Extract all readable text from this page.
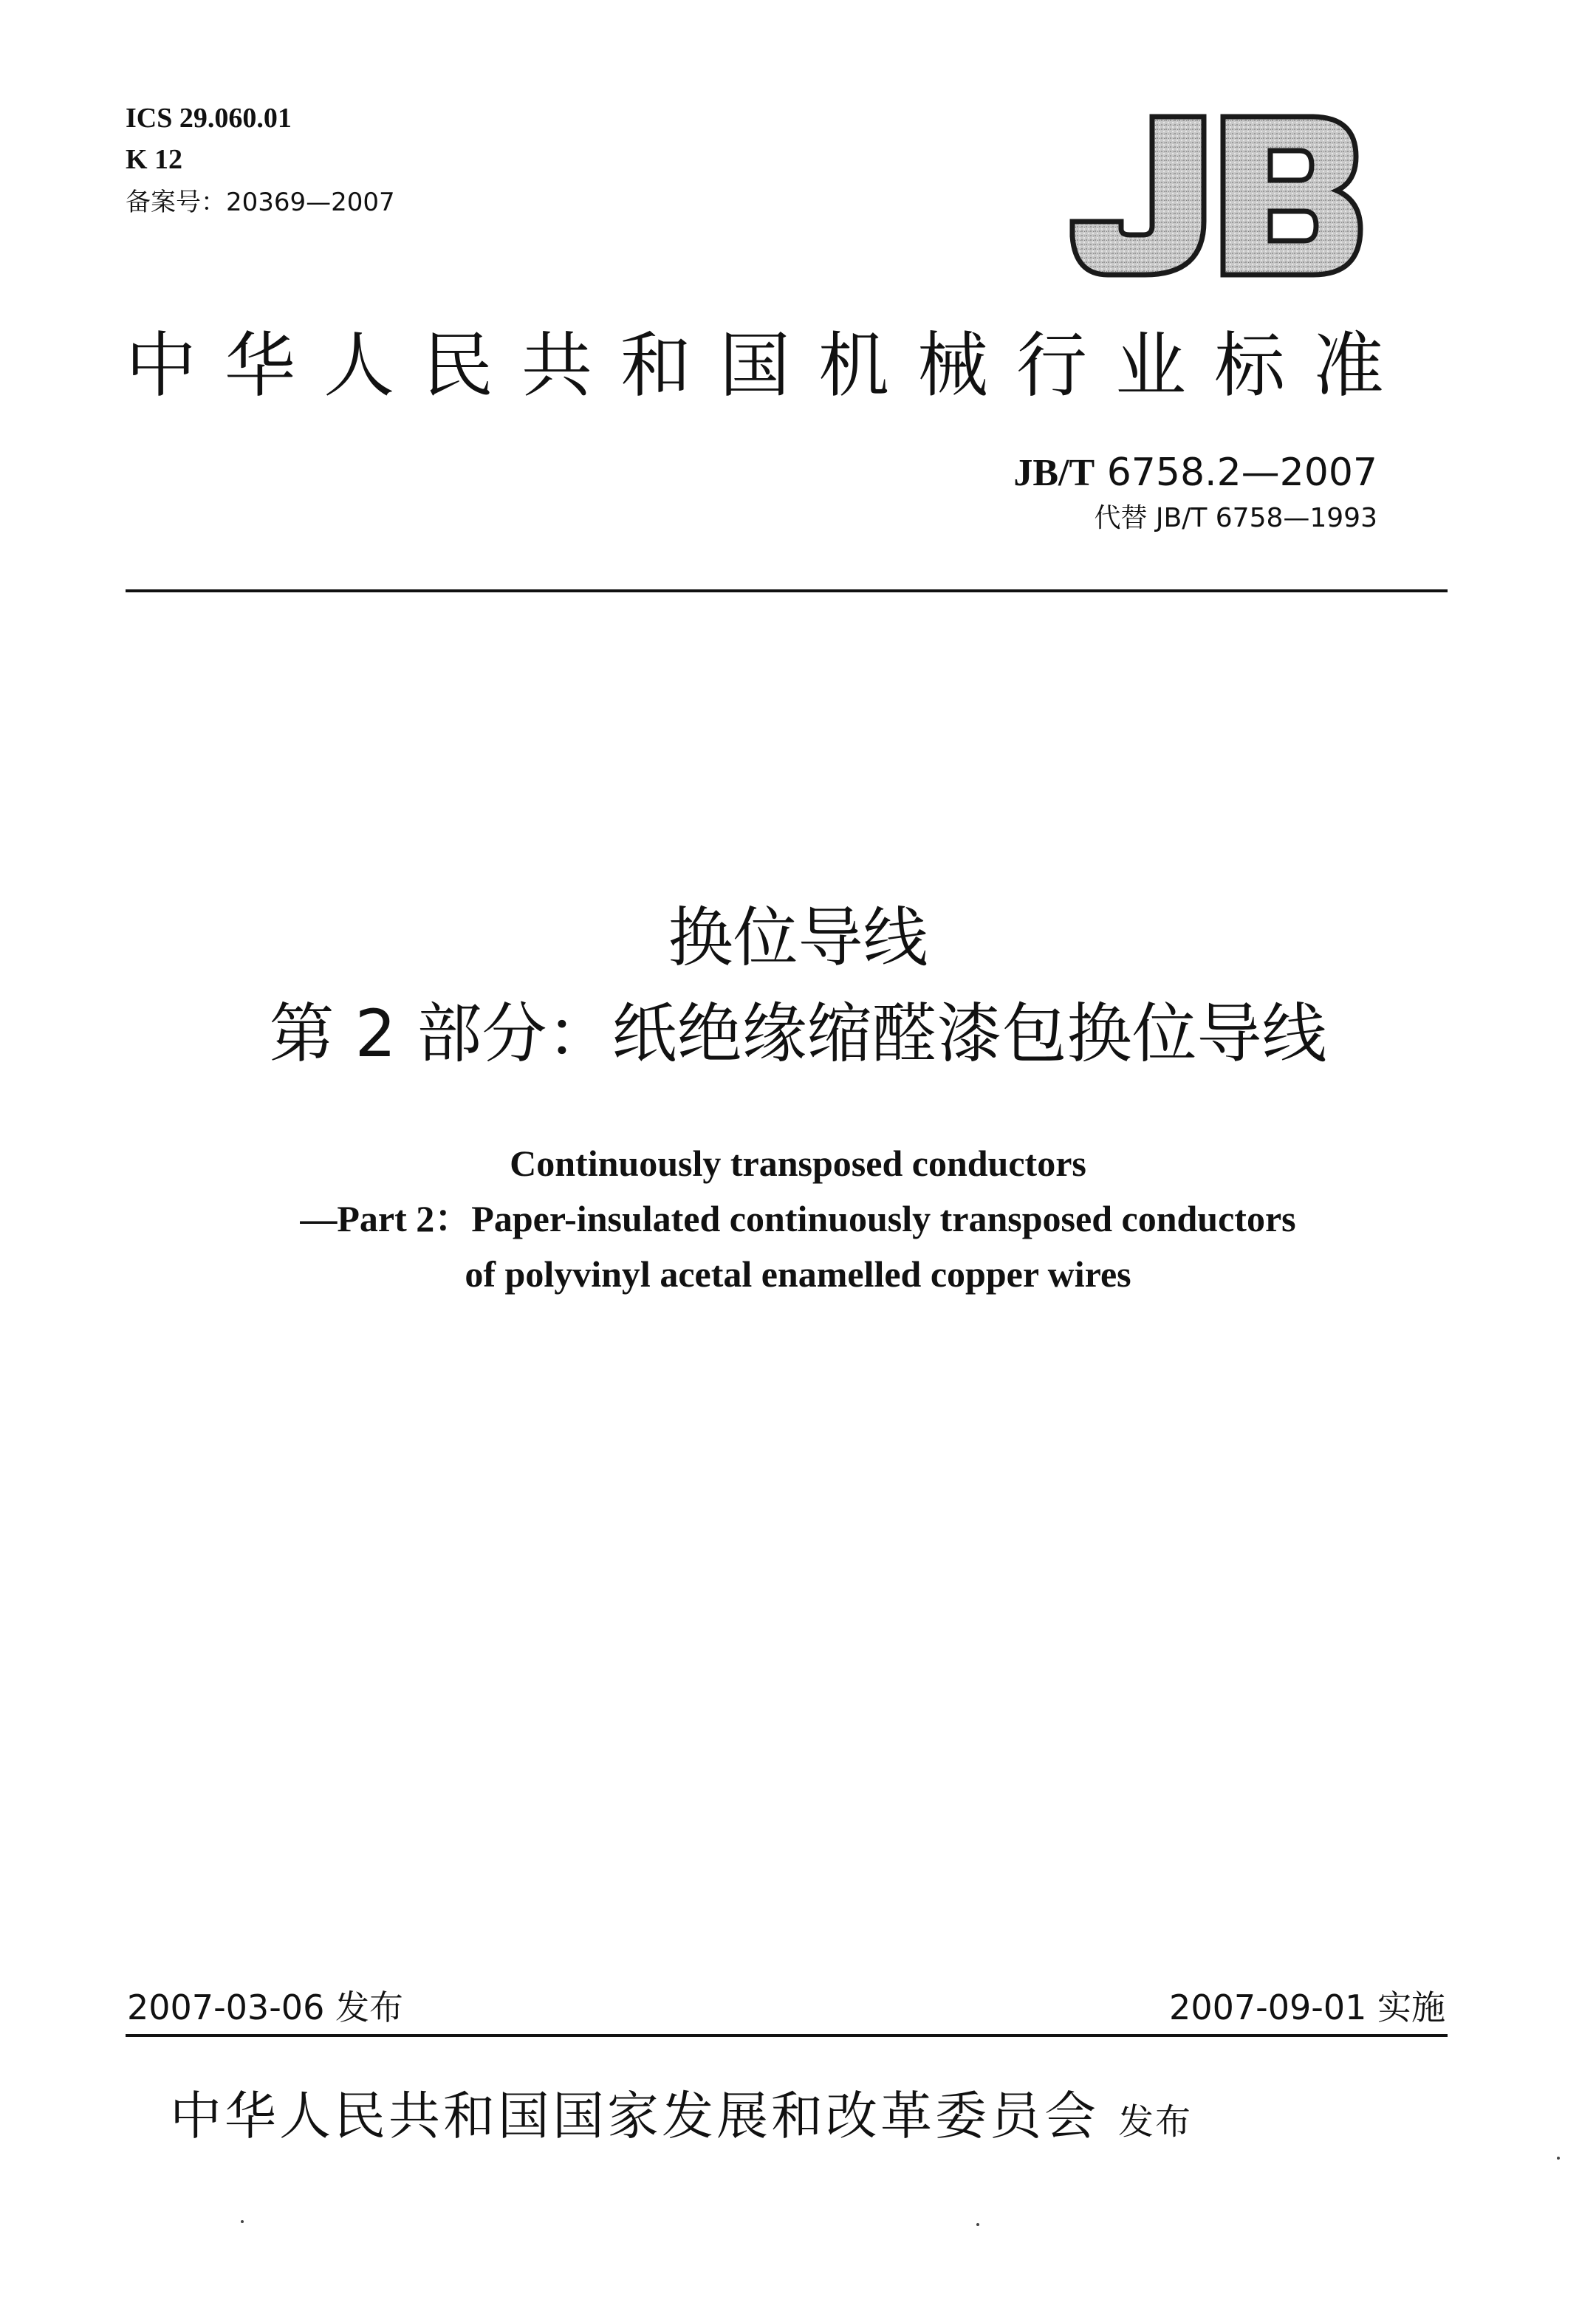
ICS 29.060.01
K 12
备案号：20369—2007
中华人民共和国机械行业标准
JB/T 6758.2—2007
代替 JB/T 6758—1993
换位导线
第 2 部分：纸绝缘缩醛漆包换位导线
Continuously transposed conductors
—Part 2：Paper-insulated continuously transposed conductors
of polyvinyl acetal enamelled copper wires
2007-03-06 发布	2007-09-01 实施
中华人民共和国国家发展和改革委员会 发布
